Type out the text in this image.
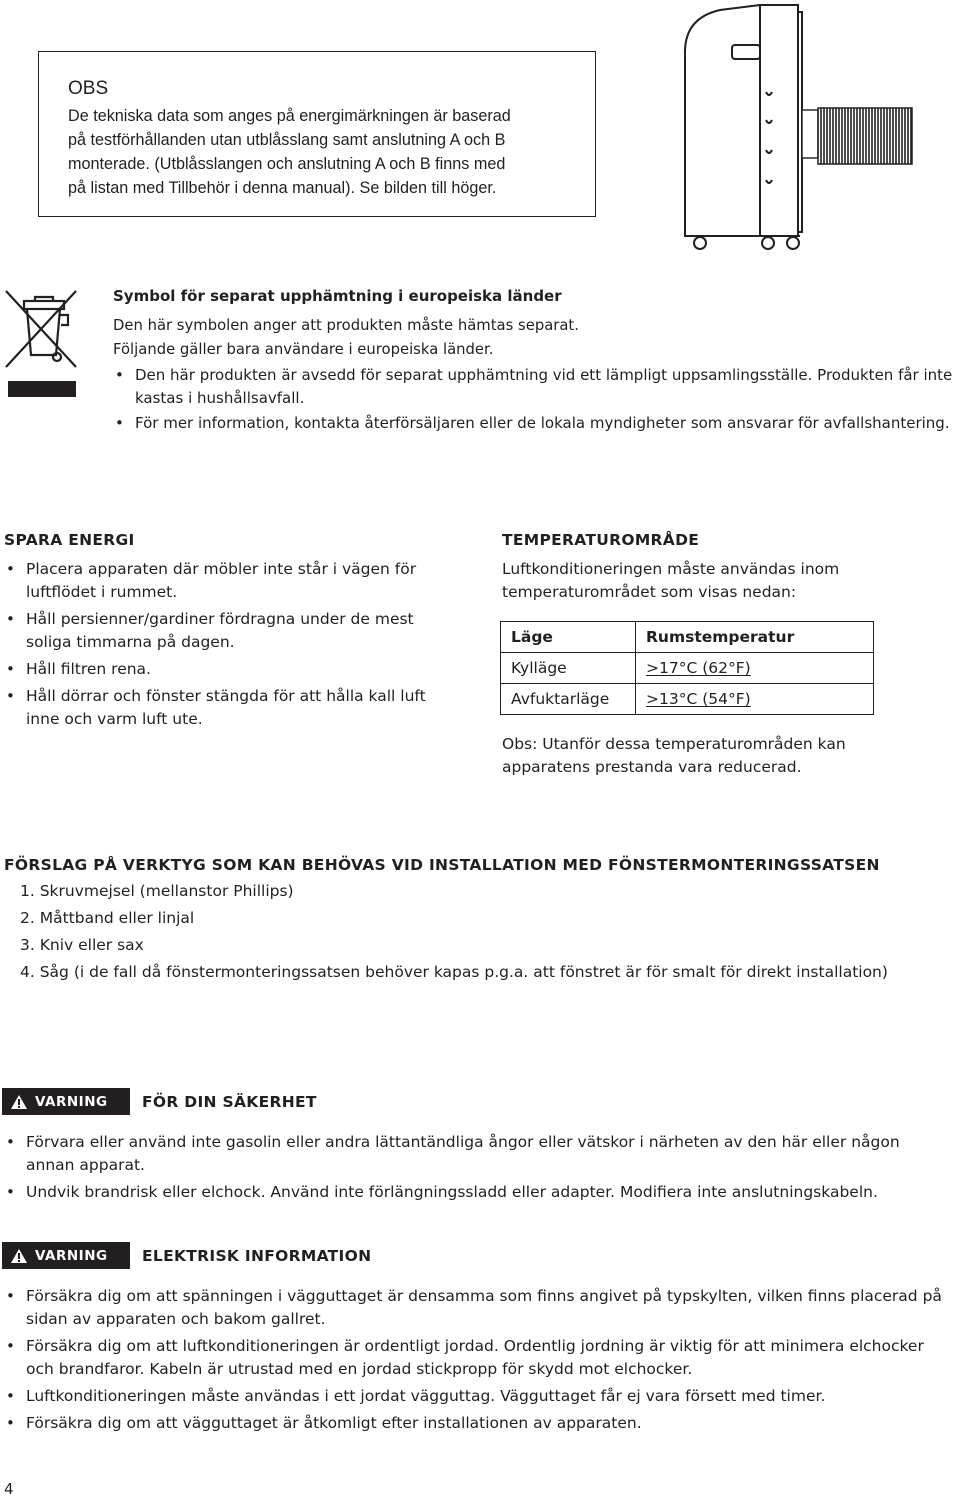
OBS
De tekniska data som anges på energimärkningen är baserad
på testförhållanden utan utblåsslang samt anslutning A och B
monterade. (Utblåsslangen och anslutning A och B finns med
på listan med Tillbehör i denna manual). Se bilden till höger.
Symbol för separat upphämtning i europeiska länder
Den här symbolen anger att produkten måste hämtas separat.
Följande gäller bara användare i europeiska länder.
• Den här produkten är avsedd för separat upphämtning vid ett lämpligt uppsamlingsställe. Produkten får inte kastas i hushållsavfall.
• För mer information, kontakta återförsäljaren eller de lokala myndigheter som ansvarar för avfallshantering.
SPARA ENERGI
• Placera apparaten där möbler inte står i vägen för luftflödet i rummet.
• Håll persienner/gardiner fördragna under de mest soliga timmarna på dagen.
• Håll filtren rena.
• Håll dörrar och fönster stängda för att hålla kall luft inne och varm luft ute.
TEMPERATUROMRÅDE
Luftkonditioneringen måste användas inom temperaturområdet som visas nedan:
Läge	Rumstemperatur
Kylläge	>17°C (62°F)
Avfuktarläge	>13°C (54°F)
Obs: Utanför dessa temperaturområden kan apparatens prestanda vara reducerad.
FÖRSLAG PÅ VERKTYG SOM KAN BEHÖVAS VID INSTALLATION MED FÖNSTERMONTERINGSSATSEN
1. Skruvmejsel (mellanstor Phillips)
2. Måttband eller linjal
3. Kniv eller sax
4. Såg (i de fall då fönstermonteringssatsen behöver kapas p.g.a. att fönstret är för smalt för direkt installation)
VARNING FÖR DIN SÄKERHET
• Förvara eller använd inte gasolin eller andra lättantändliga ångor eller vätskor i närheten av den här eller någon annan apparat.
• Undvik brandrisk eller elchock. Använd inte förlängningssladd eller adapter. Modifiera inte anslutningskabeln.
VARNING ELEKTRISK INFORMATION
• Försäkra dig om att spänningen i vägguttaget är densamma som finns angivet på typskylten, vilken finns placerad på sidan av apparaten och bakom gallret.
• Försäkra dig om att luftkonditioneringen är ordentligt jordad. Ordentlig jordning är viktig för att minimera elchocker och brandfaror. Kabeln är utrustad med en jordad stickpropp för skydd mot elchocker.
• Luftkonditioneringen måste användas i ett jordat vägguttag. Vägguttaget får ej vara försett med timer.
• Försäkra dig om att vägguttaget är åtkomligt efter installationen av apparaten.
4
